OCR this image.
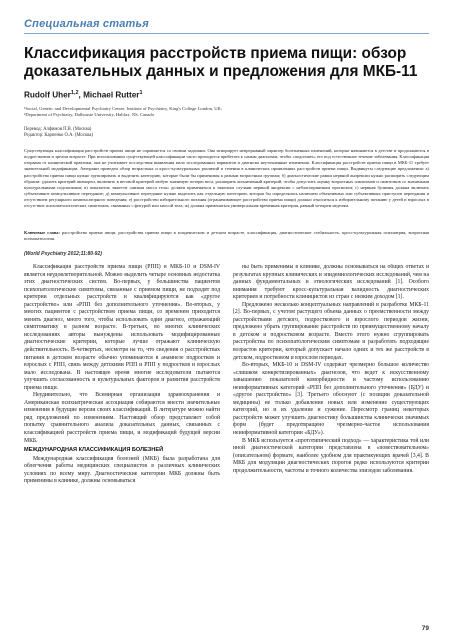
Специальная статья
Классификация расстройств приема пищи: обзор доказательных данных и предложения для МКБ-11
Rudolf Uher$^{1,2}$, Michael Rutter$^1$
¹Social, Genetic and Developmental Psychiatry Centre, Institute of Psychiatry, King's College London, UK;
²Department of Psychiatry, Dalhousie University, Halifax, NS, Canada
Перевод: Алфимов П.В. (Москва)
Редактор: Карпенко О.А. (Москва)

Существующая классификация расстройств приема пищи не справляется со своими задачами. Она игнорирует непрерывный характер болезненных изменений, которые начинаются в детстве и продолжаются в подростковом и зрелом возрасте. При использовании существующей классификации часто приходится прибегать к самым диагнозам, чтобы «подогнать» его под естественное течение заболевания. Классификация оторвана от клинической практики, она не учитывает последствия выявления мало исследованных вариантов и диагнозы неуточненные изменения. Классификация расстройств приема пищи в МКБ-11 требует значительной модификации. Авторами проведен обзор возрастных и кросс-культуральных различий и течения в клинических проявлениях расстройств приема пищи. Выдвинуты следующие предложения: а) расстройства приема пищи нужно группировать и выделить категорию, которые были бы применимы к разным возрастным группам; б) диагностические рамки нервной анорексии нужно расширить следующим образом: удалить критерий аменореи, включить в весовой критерий любую значимую потерю веса, расширить когнитивный критерий, чтобы допустить оценку возрастных симптомов и симптомов со значимыми культуральными подсказками; в) показатель тяжести «низкая масса тела» должен применяться к тяжелым случаям нервной анорексии с неблагоприятным прогнозом; г) нервная булимия должна включать субъективное компульсивное переедание; д) компульсивное переедание нужно выделить как отдельную категорию, которая бы определялась наличием объективных или субъективных приступов переедания и отсутствием регулярного компенсаторного поведения; е) расстройство избирательного питания (ограничивающее расстройство приема пищи) должно относиться к избирательному питанию у детей и взрослых в отсутствие психопатологических симптомов, связанных с фигурой или массой тела; ж) должна применяться универсальная временная критерия, равный четырем неделям.

Ключевые слова: расстройства приема пищи, расстройства приема пищи в младенческом и детском возрасте, классификация, диагностические стабильность, кросс-культуральная психиатрия, возрастная психопатология.

(World Psychiatry 2012;11:80-92)

Классификация расстройств приема пищи (РПП) в МКБ-10 и DSM-IV является неудовлетворительной. Можно выделить четыре основных недостатка этих диагностических систем. Во-первых, у большинства пациентов психопатологические симптомы, связанные с приемом пищи, не подходят под критерии отдельных расстройств и квалифицируются как «другое расстройство» или «РПП без дополнительного уточнения». Во-вторых, у многих пациентов с расстройством приема пищи, со временем приходится менять диагноз, много того, чтобы использовать один диагноз, отражающий симптоматику в разном возрасте. В-третьих, во многих клинических исследованиях авторы вынуждены использовать модифицированные диагностические критерии, которые лучше отражают клиническую действительность. В-четвертых, несмотря на то, что сведения о расстройствах питания в детском возрасте обычно упоминаются в анамнезе подростков и взрослых с РПП, связь между детскими РПП и РПП у подростков и взрослых мало исследована. В настоящее время многие исследователи пытаются улучшить согласованность и культуральных факторов и развития расстройств приема пищи.

Неудивительно, что Всемирная организация здравоохранения и Американская психиатрическая ассоциация собираются внести значительные изменения в будущие версии своих классификаций. В литературе можно найти ряд предложений по изменениям. Настоящий обзор представляет собой попытку сравнительного анализа доказательных данных, связанных с классификацией расстройств приема пищи, и модификаций будущей версии МКБ.

МЕЖДУНАРОДНАЯ КЛАССИФИКАЦИЯ БОЛЕЗНЕЙ

Международная классификация болезней (МКБ) была разработана для облегчения работы медицинских специалистов в различных клинических условиях по всему миру. Диагностические категории МКБ должны быть применимы в клинике, должны основываться

ны быть применимы в клинике, должны основываться на общих ответах и результатах крупных клинических и эпидемиологических исследований, чем на данных фундаментальных и этиологических исследований [1]. Особого внимания требуют кросс-культуральная валидность диагностических критериев и потребности клиницистов из стран с низким доходом [1].

Предложено несколько концептуальных направлений в разработке МКБ-11 [2]. Во-первых, с учетом растущего объема данных о преемственности между расстройствами детского, подросткового и взрослого периодов жизни, предложено убрать группирование расстройств по преимущественному началу в детском и подростковом возрасте. Вместо этого нужно сгруппировать расстройства по психопатологическим симптомам и разработать подходящие возрастов критерии, который допускает начало одних и тех же расстройств в детском, подростковом и взрослом периодах.

Во-вторых, МКБ-10 и DSM-IV содержат чрезмерно большое количество «слишком конкретизированных» диагнозов, что ведет к искусственному завышению показателей коморбидности и частому использованию неинформативных категорий «РПП без дополнительного уточнения» (БДУ) и «другое расстройство» [3]. Третьего обоснуют (с позиции доказательной медицины) не только добавление новых или изменение существующих категорий, но и их удаление и сужение. Пересмотр границ некоторых расстройств может улучшить диагностику большинства клинически значимых форм (будет предотвращено чрезмерно-частое использования неинформативной категории «БДУ»).

В МКБ используется «прототипический подход» — характеристика той или иной диагностической категории представлена в «повествовательном» (описательном) формате, наиболее удобном для практикующих врачей [3,4]. В МКБ для модуляции диагностических порогов редко используются критерии продолжительности, частоты и точного количества эпизодов заболевания.

79
